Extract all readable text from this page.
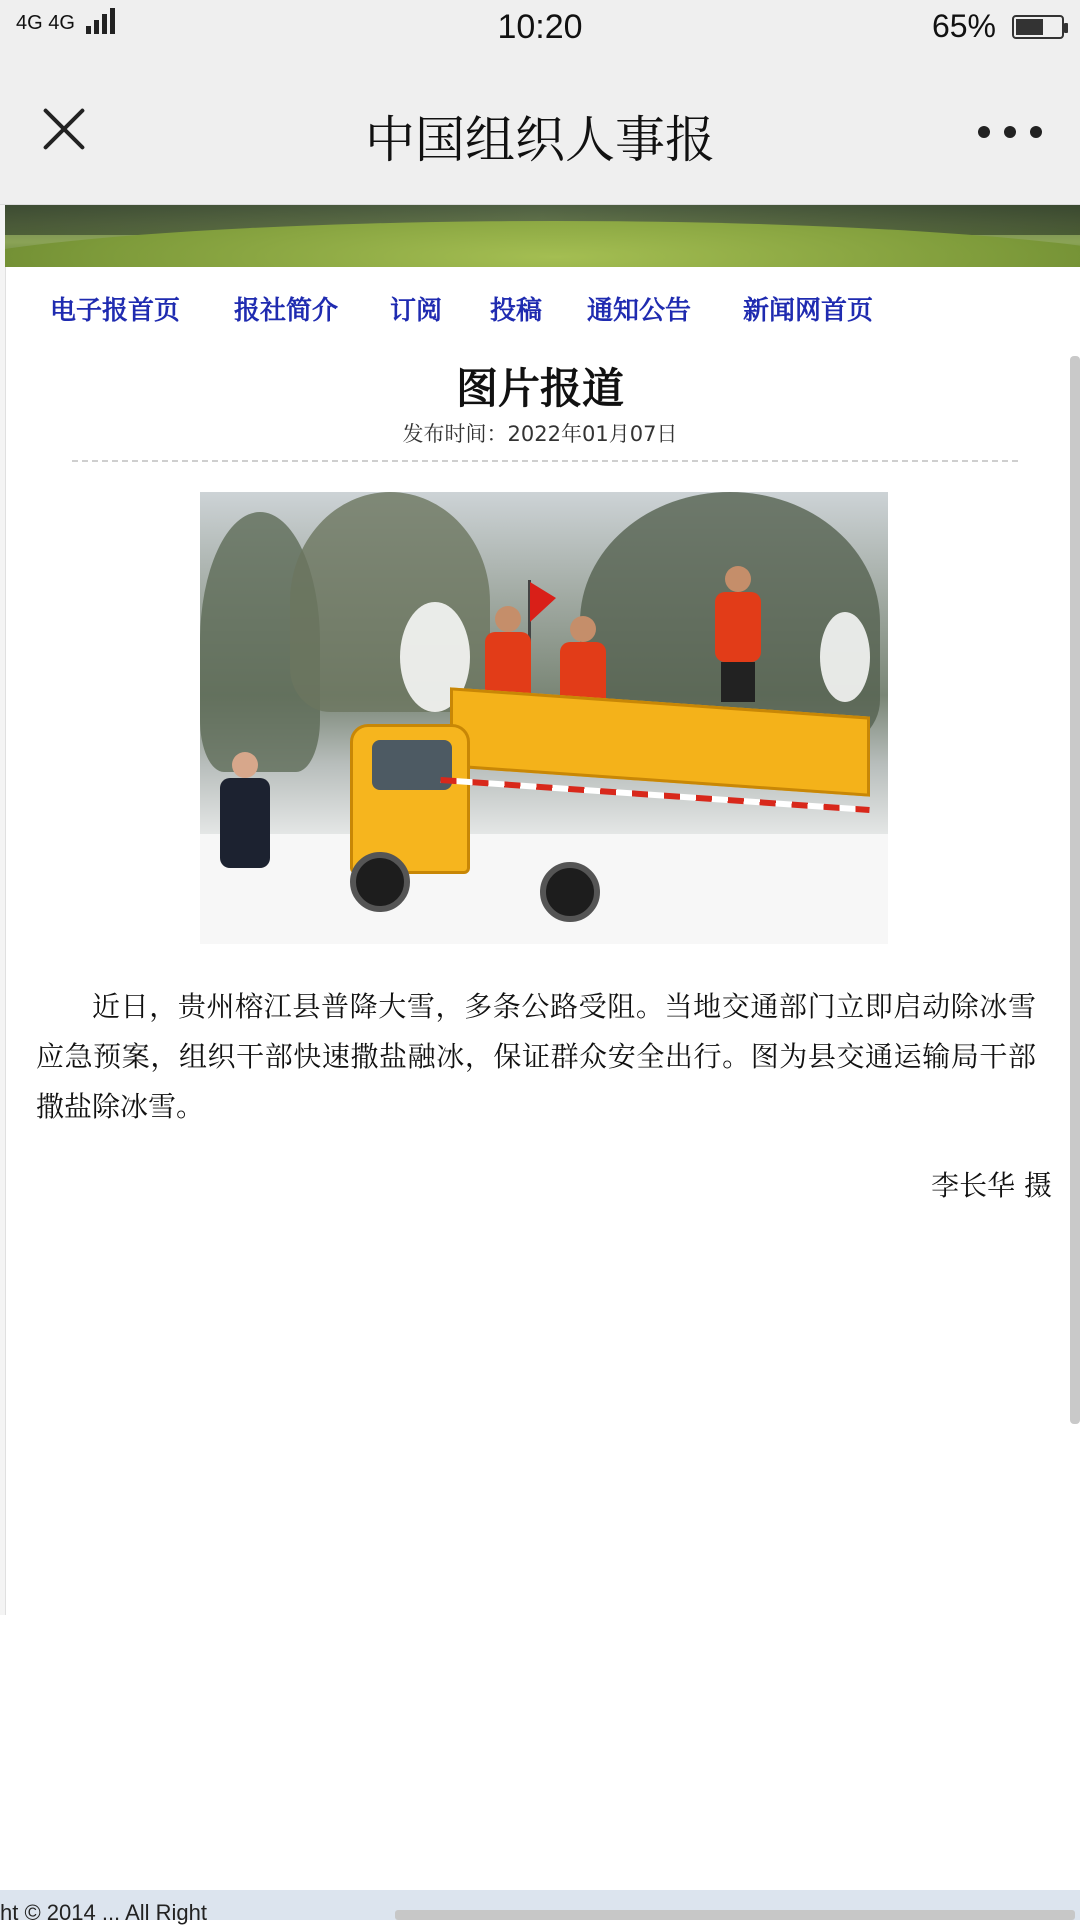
4G 4G	10:20	65%
中国组织人事报
电子报首页 报社简介 订阅 投稿 通知公告 新闻网首页
图片报道
发布时间：2022年01月07日
近日，贵州榕江县普降大雪，多条公路受阻。当地交通部门立即启动除冰雪应急预案，组织干部快速撒盐融冰，保证群众安全出行。图为县交通运输局干部撒盐除冰雪。
李长华 摄
ht © 2014 ... All Right
